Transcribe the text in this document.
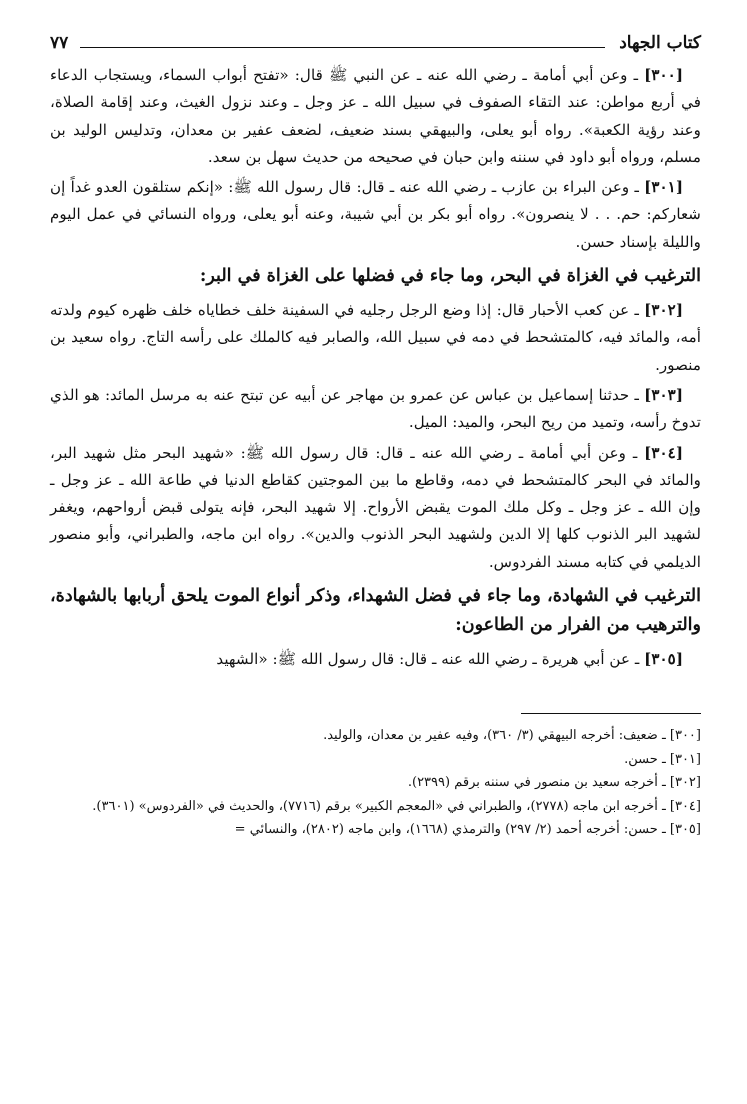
كتاب الجهاد
٧٧

[٣٠٠] ـ وعن أبي أمامة ـ رضي الله عنه ـ عن النبي ﷺ قال: «تفتح أبواب السماء، ويستجاب الدعاء في أربع مواطن: عند التقاء الصفوف في سبيل الله ـ عز وجل ـ وعند نزول الغيث، وعند إقامة الصلاة، وعند رؤية الكعبة». رواه أبو يعلى، والبيهقي بسند ضعيف، لضعف عفير بن معدان، وتدليس الوليد بن مسلم، ورواه أبو داود في سننه وابن حبان في صحيحه من حديث سهل بن سعد.

[٣٠١] ـ وعن البراء بن عازب ـ رضي الله عنه ـ قال: قال رسول الله ﷺ: «إنكم ستلقون العدو غداً إن شعاركم: حم. . . لا ينصرون». رواه أبو بكر بن أبي شيبة، وعنه أبو يعلى، ورواه النسائي في عمل اليوم والليلة بإسناد حسن.

الترغيب في الغزاة في البحر، وما جاء في فضلها على الغزاة في البر:

[٣٠٢] ـ عن كعب الأحبار قال: إذا وضع الرجل رجليه في السفينة خلف خطاياه خلف ظهره كيوم ولدته أمه، والمائد فيه، كالمتشحط في دمه في سبيل الله، والصابر فيه كالملك على رأسه التاج. رواه سعيد بن منصور.

[٣٠٣] ـ حدثنا إسماعيل بن عباس عن عمرو بن مهاجر عن أبيه عن تبتح عنه به مرسل المائد: هو الذي تدوخ رأسه، وتميد من ريح البحر، والميد: الميل.

[٣٠٤] ـ وعن أبي أمامة ـ رضي الله عنه ـ قال: قال رسول الله ﷺ: «شهيد البحر مثل شهيد البر، والمائد في البحر كالمتشحط في دمه، وقاطع ما بين الموجتين كقاطع الدنيا في طاعة الله ـ عز وجل ـ وإن الله ـ عز وجل ـ وكل ملك الموت يقبض الأرواح. إلا شهيد البحر، فإنه يتولى قبض أرواحهم، ويغفر لشهيد البر الذنوب كلها إلا الدين ولشهيد البحر الذنوب والدين». رواه ابن ماجه، والطبراني، وأبو منصور الديلمي في كتابه مسند الفردوس.

الترغيب في الشهادة، وما جاء في فضل الشهداء، وذكر أنواع الموت يلحق أربابها بالشهادة، والترهيب من الفرار من الطاعون:

[٣٠٥] ـ عن أبي هريرة ـ رضي الله عنه ـ قال: قال رسول الله ﷺ: «الشهيد

[٣٠٠] ـ ضعيف: أخرجه البيهقي (٣/ ٣٦٠)، وفيه عفير بن معدان، والوليد.

[٣٠١] ـ حسن.

[٣٠٢] ـ أخرجه سعيد بن منصور في سننه برقم (٢٣٩٩).

[٣٠٤] ـ أخرجه ابن ماجه (٢٧٧٨)، والطبراني في «المعجم الكبير» برقم (٧٧١٦)، والحديث في «الفردوس» (٣٦٠١).

[٣٠٥] ـ حسن: أخرجه أحمد (٢/ ٢٩٧) والترمذي (١٦٦٨)، وابن ماجه (٢٨٠٢)، والنسائي =
